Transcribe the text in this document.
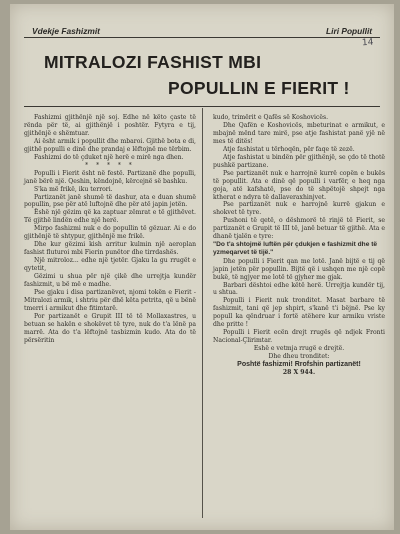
Vdekje Fashizmit	Liri Popullit
14
MITRALOZI FASHIST MBI
POPULLIN E FIERIT !

Fashizmi gjithënjë një soj. Edhe në këto çaste të rënda për të, ai gjithënjë i poshtër. Fytyra e tij, gjithënjë e shëmtuar.

Ai ësht armik i popullit dhe mbaroi. Gjithë bota e di, gjithë populli e dinë dhe prandaj e lëftojnë me tërbim.

Fashizmi do të çduket një herë e mirë nga dhen.

* * * * *

Populli i Fierit ësht në festë. Partizanë dhe populli, janë bërë një. Qeshin, këndojnë, kërcejnë së bashku.

S'ka më frikë, iku terrori.

Partizanët janë shumë të dashur, ata e duan shumë popullin, pse për atë luftojnë dhe për atë japin jetën.

Ëshë një gëzim që ka zaptuar zëmrat e të gjithëvet. Të gjithë lindën edhe një herë.

Mirpo fashizmi nuk e do popullin të gëzuar. Ai e do gjithënjë të shtypur, gjithënjë me frikë.

Dhe kur gëzimi kish arritur kulmin një aeroplan fashist fluturoi mbi Fierin punëtor dhe tirrdashës.

Një mitroloz... edhe një tjetër. Gjaku la gu rrugët e qytetit,

Gëzimi u shua për një çikë dhe urrejtja kundër fashizmit, u bë më e madhe.

Pse gjaku i disa partizanëvet, njomi tokën e Fierit - Mitralozi armik, i shtriu për dhë këta petrita, që u bënë tmerri i armikut dhe fitimtarë.

Por partizanët e Grupit III të të Mollaxastres, u betuan se hakën e shokëvet të tyre, nuk do t'a lënë pa marrë. Ata do t'a lëftojnë tasbizmin kudo. Ata do të përsëritin

kudo, trimërit e Qafës së Koshovicës.

Dhe Qafën e Koshovicës, mbeturinat e armikut, e mbajnë mënd tare mirë, pse atje fashistat panë yjë në mes të ditës!

Atje fashistat u tërhoqën, për faqe të zezë.

Atje fashistat u bindën për gjithënjë, se çdo të thotë pushkë partizane.

Pse partizanët nuk e harrojnë kurrë copën e bukës të popullit. Ata e dinë që populli i varfër, e heq nga goja, atë kafshatë, pse do të shpëtojë shpejt nga ktherat e ndyra të dallaveraxhinjvet.

Pse partizanët nuk e harrojnë kurrë gjakun e shokvet të tyre.

Pushoni të qetë, o dëshmorë të rinjë të Fierit, se partizanët e Grupit të III të, janë betuar të gjithë. Ata e dhanë tjalën e tyre:

"Do t'a shtojmë luftën për çdukjen e fashizmit dhe të yzmeqarvet të tijë."

Dhe populli i Fierit qan me lotë. Janë bijtë e tij që japin jetën për popullin. Bijtë që i ushqen me një copë bukë, të ngjyer me lotë të gjyher me gjak.

Barbari dështoi edhe këtë herë. Urrejtja kundër tij, u shtua.

Populli i Fierit nuk tronditet. Masat barbare të fashizmit, tani që jep shpirt, s'kanë t'i bëjnë. Pse ky popull ka qëndruar i fortë atëhere kur armiku vriste dhe pritte !

Populli i Fierit ecën drejt rrugës që ndjek Fronti Nacional-Çlirimtar.

Eshë e vetmja rrugë e drejtë.

Dhe dheu tronditet:

Poshtë fashizmi! Rrofshin partizanët!

28 X 944.
